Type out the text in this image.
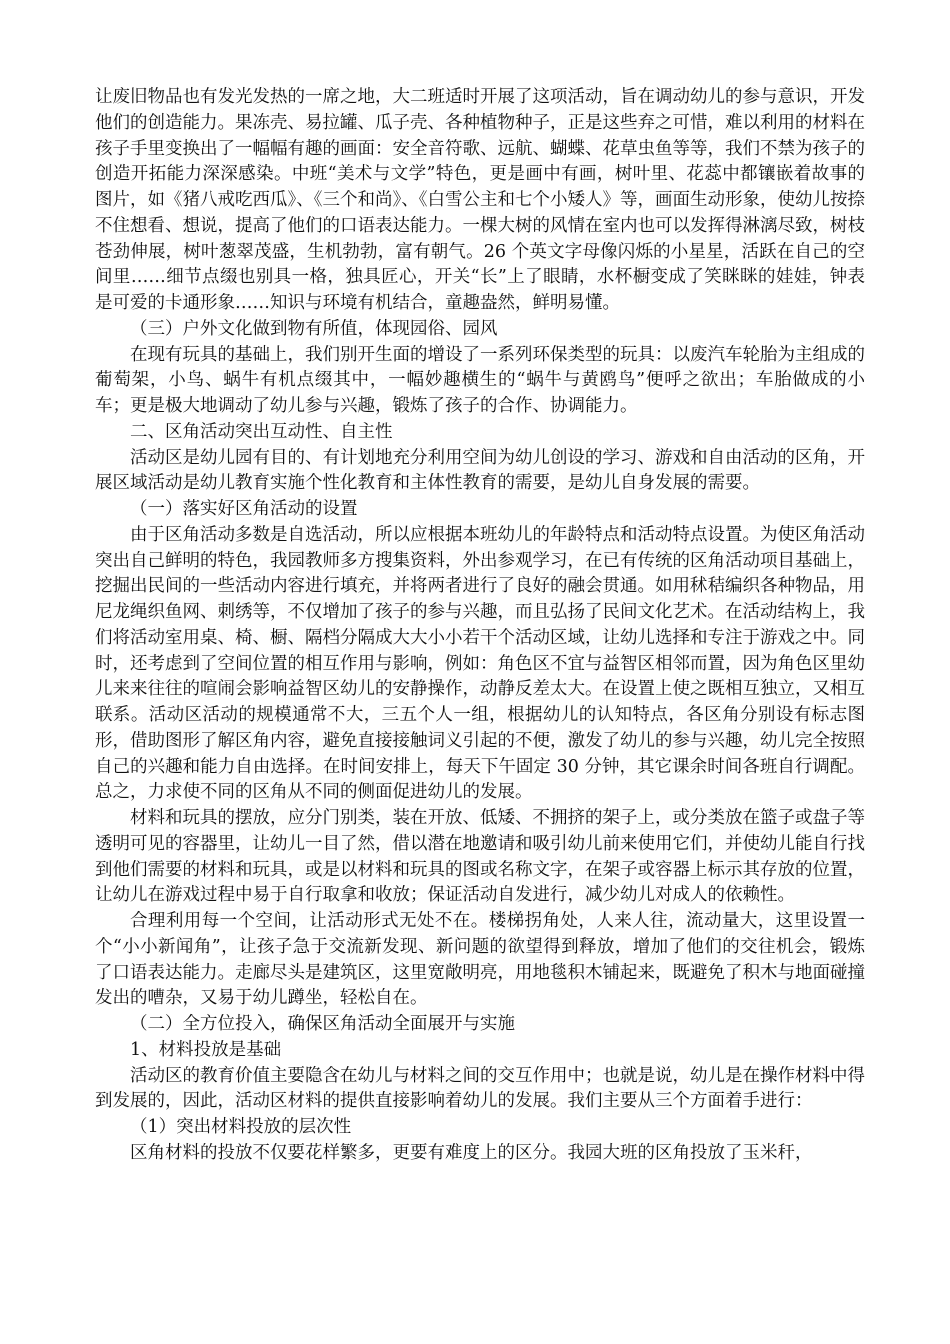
让废旧物品也有发光发热的一席之地，大二班适时开展了这项活动，旨在调动幼儿的参与意识，开发他们的创造能力。果冻壳、易拉罐、瓜子壳、各种植物种子，正是这些弃之可惜，难以利用的材料在孩子手里变换出了一幅幅有趣的画面：安全音符歌、远航、蝴蝶、花草虫鱼等等，我们不禁为孩子的创造开拓能力深深感染。中班“美术与文学”特色，更是画中有画，树叶里、花蕊中都镶嵌着故事的图片，如《猪八戒吃西瓜》、《三个和尚》、《白雪公主和七个小矮人》等，画面生动形象，使幼儿按捺不住想看、想说，提高了他们的口语表达能力。一棵大树的风情在室内也可以发挥得淋漓尽致，树枝苍劲伸展，树叶葱翠茂盛，生机勃勃，富有朝气。26 个英文字母像闪烁的小星星，活跃在自己的空间里……细节点缀也别具一格，独具匠心，开关“长”上了眼睛，水杯橱变成了笑眯眯的娃娃，钟表是可爱的卡通形象……知识与环境有机结合，童趣盎然，鲜明易懂。

（三）户外文化做到物有所值，体现园俗、园风

在现有玩具的基础上，我们别开生面的增设了一系列环保类型的玩具：以废汽车轮胎为主组成的葡萄架，小鸟、蜗牛有机点缀其中，一幅妙趣横生的“蜗牛与黄鸥鸟”便呼之欲出；车胎做成的小车；更是极大地调动了幼儿参与兴趣，锻炼了孩子的合作、协调能力。

二、区角活动突出互动性、自主性

活动区是幼儿园有目的、有计划地充分利用空间为幼儿创设的学习、游戏和自由活动的区角，开展区域活动是幼儿教育实施个性化教育和主体性教育的需要，是幼儿自身发展的需要。

（一）落实好区角活动的设置

由于区角活动多数是自选活动，所以应根据本班幼儿的年龄特点和活动特点设置。为使区角活动突出自己鲜明的特色，我园教师多方搜集资料，外出参观学习，在已有传统的区角活动项目基础上，挖掘出民间的一些活动内容进行填充，并将两者进行了良好的融会贯通。如用秫秸编织各种物品，用尼龙绳织鱼网、刺绣等，不仅增加了孩子的参与兴趣，而且弘扬了民间文化艺术。在活动结构上，我们将活动室用桌、椅、橱、隔档分隔成大大小小若干个活动区域，让幼儿选择和专注于游戏之中。同时，还考虑到了空间位置的相互作用与影响，例如：角色区不宜与益智区相邻而置，因为角色区里幼儿来来往往的喧闹会影响益智区幼儿的安静操作，动静反差太大。在设置上使之既相互独立，又相互联系。活动区活动的规模通常不大，三五个人一组，根据幼儿的认知特点，各区角分别设有标志图形，借助图形了解区角内容，避免直接接触词义引起的不便，激发了幼儿的参与兴趣，幼儿完全按照自己的兴趣和能力自由选择。在时间安排上，每天下午固定 30 分钟，其它课余时间各班自行调配。总之，力求使不同的区角从不同的侧面促进幼儿的发展。

材料和玩具的摆放，应分门别类，装在开放、低矮、不拥挤的架子上，或分类放在篮子或盘子等透明可见的容器里，让幼儿一目了然，借以潜在地邀请和吸引幼儿前来使用它们，并使幼儿能自行找到他们需要的材料和玩具，或是以材料和玩具的图或名称文字，在架子或容器上标示其存放的位置，让幼儿在游戏过程中易于自行取拿和收放；保证活动自发进行，减少幼儿对成人的依赖性。

合理利用每一个空间，让活动形式无处不在。楼梯拐角处，人来人往，流动量大，这里设置一个“小小新闻角”，让孩子急于交流新发现、新问题的欲望得到释放，增加了他们的交往机会，锻炼了口语表达能力。走廊尽头是建筑区，这里宽敞明亮，用地毯积木铺起来，既避免了积木与地面碰撞发出的嘈杂，又易于幼儿蹲坐，轻松自在。

（二）全方位投入，确保区角活动全面展开与实施

1、材料投放是基础

活动区的教育价值主要隐含在幼儿与材料之间的交互作用中；也就是说，幼儿是在操作材料中得到发展的，因此，活动区材料的提供直接影响着幼儿的发展。我们主要从三个方面着手进行：

（1）突出材料投放的层次性

区角材料的投放不仅要花样繁多，更要有难度上的区分。我园大班的区角投放了玉米秆，
